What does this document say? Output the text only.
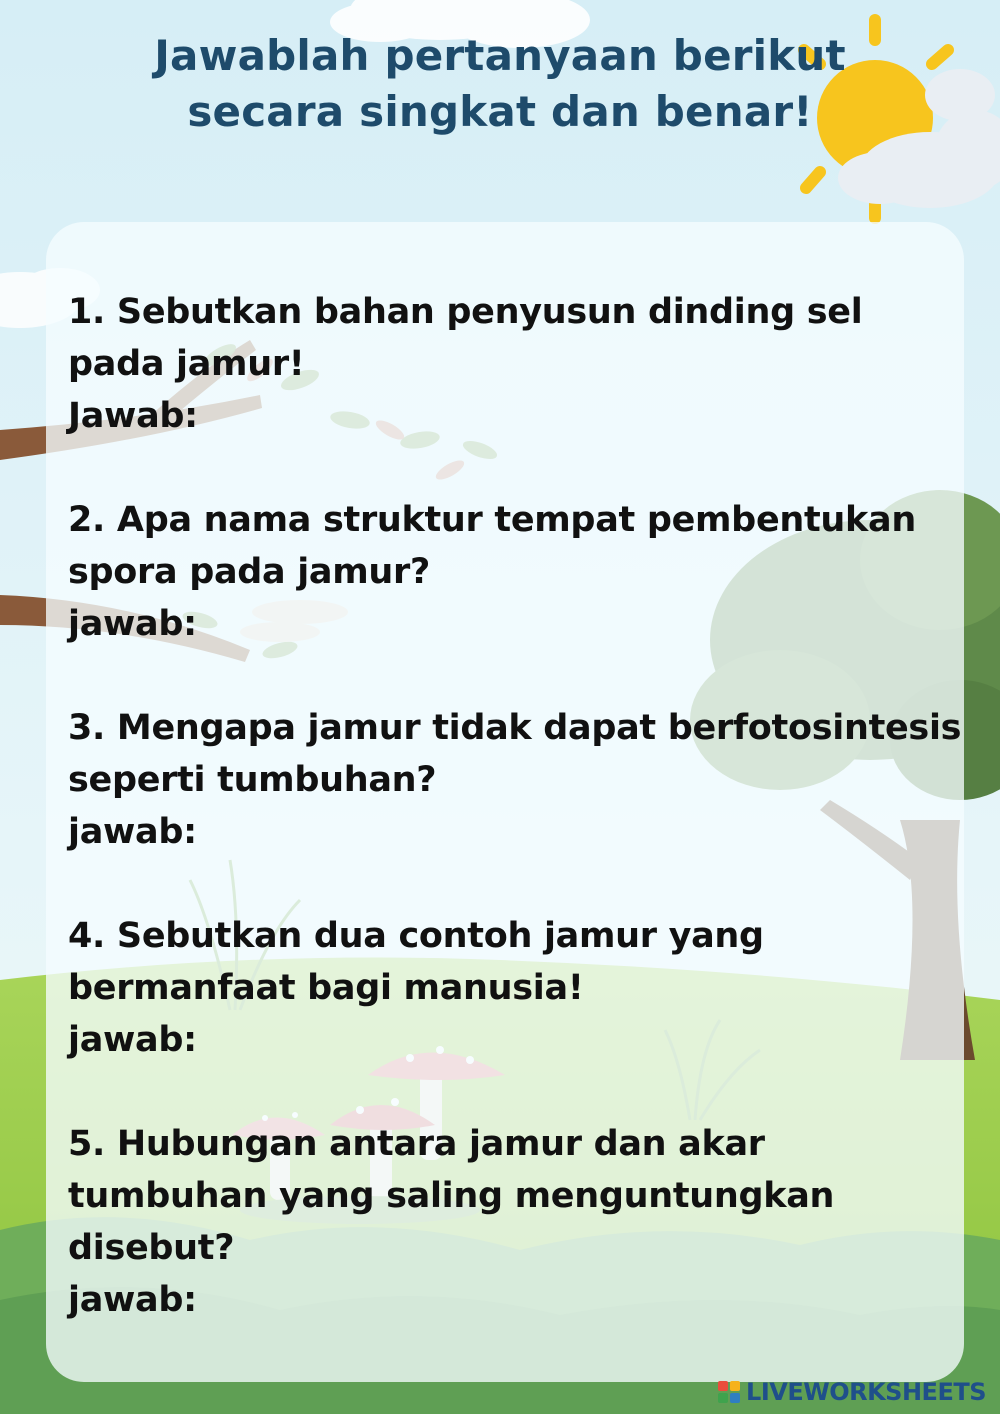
Jawablah pertanyaan berikut
secara singkat dan benar!
1. Sebutkan bahan penyusun dinding sel pada jamur!
Jawab:
2. Apa nama struktur tempat pembentukan spora pada jamur?
jawab:
3. Mengapa jamur tidak dapat berfotosintesis seperti tumbuhan?
jawab:
4. Sebutkan dua contoh jamur yang bermanfaat bagi manusia!
jawab:
5. Hubungan antara jamur dan akar tumbuhan yang saling menguntungkan disebut?
jawab:
LIVEWORKSHEETS
